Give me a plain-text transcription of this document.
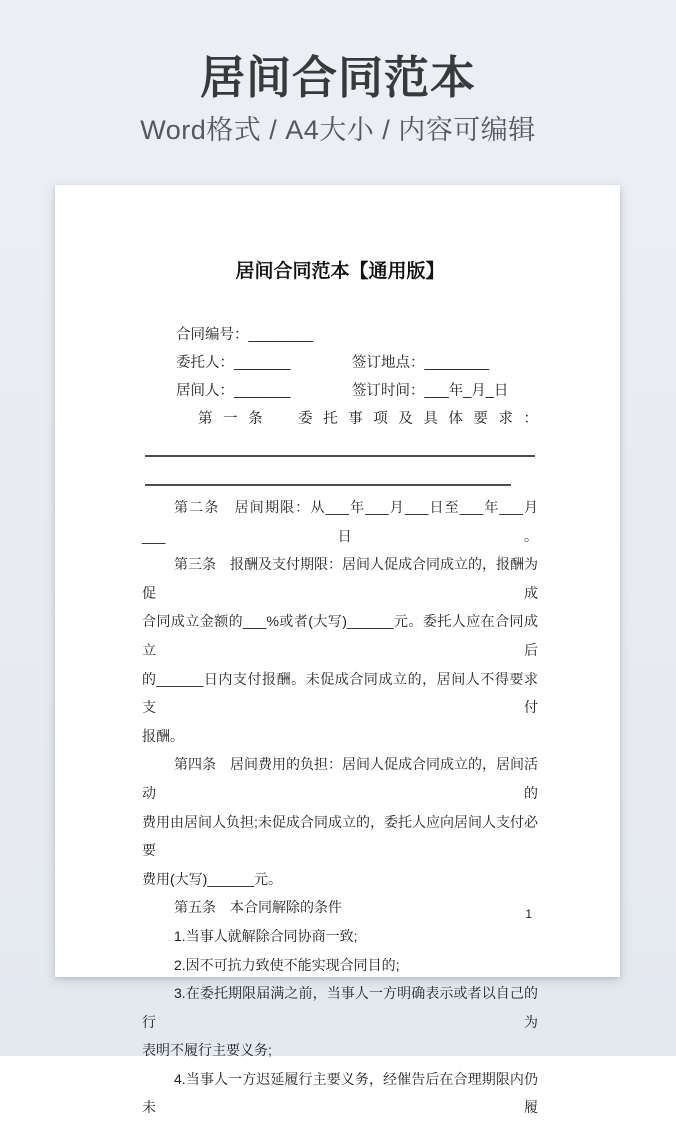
居间合同范本
Word格式 / A4大小 / 内容可编辑
居间合同范本【通用版】
合同编号：________
委托人：_______	签订地点：________
居间人：_______	签订时间：___年_月_日
第一条　委托事项及具体要求：
第二条　居间期限：从___年___月___日至___年___月___日。
第三条　报酬及支付期限：居间人促成合同成立的，报酬为促成
合同成立金额的___%或者(大写)______元。委托人应在合同成立后
的______日内支付报酬。未促成合同成立的，居间人不得要求支付
报酬。
第四条　居间费用的负担：居间人促成合同成立的，居间活动的
费用由居间人负担;未促成合同成立的，委托人应向居间人支付必要
费用(大写)______元。
第五条　本合同解除的条件
1.当事人就解除合同协商一致;
2.因不可抗力致使不能实现合同目的;
3.在委托期限届满之前，当事人一方明确表示或者以自己的行为
表明不履行主要义务;
4.当事人一方迟延履行主要义务，经催告后在合理期限内仍未履
1
